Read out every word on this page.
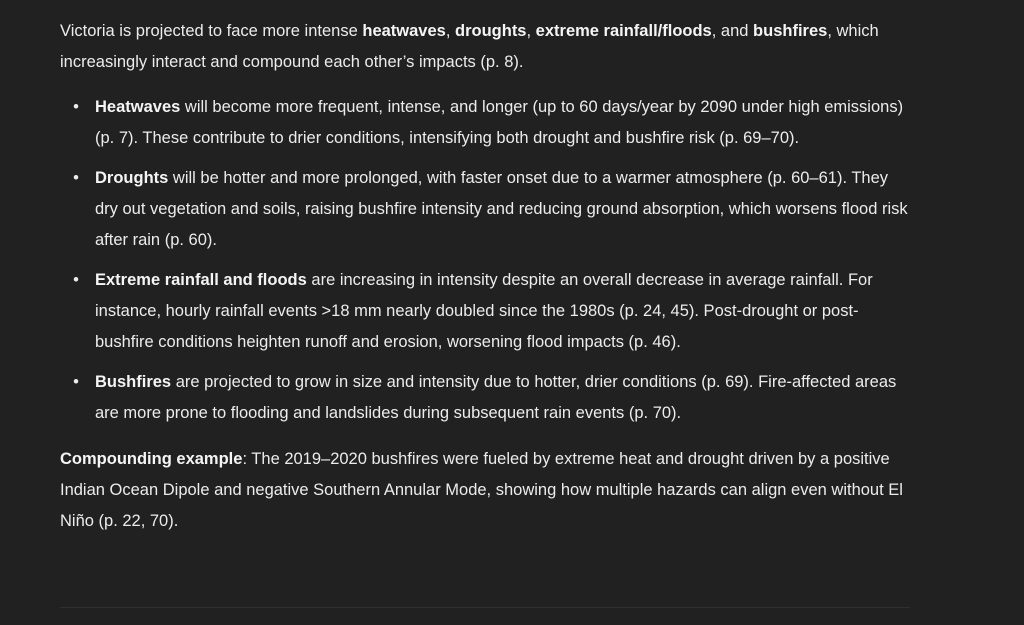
Victoria is projected to face more intense heatwaves, droughts, extreme rainfall/floods, and bushfires, which increasingly interact and compound each other’s impacts (p. 8).

•
Heatwaves will become more frequent, intense, and longer (up to 60 days/year by 2090 under high emissions) (p. 7). These contribute to drier conditions, intensifying both drought and bushfire risk (p. 69–70).
•
Droughts will be hotter and more prolonged, with faster onset due to a warmer atmosphere (p. 60–61). They dry out vegetation and soils, raising bushfire intensity and reducing ground absorption, which worsens flood risk after rain (p. 60).
•
Extreme rainfall and floods are increasing in intensity despite an overall decrease in average rainfall. For instance, hourly rainfall events >18 mm nearly doubled since the 1980s (p. 24, 45). Post-drought or post-bushfire conditions heighten runoff and erosion, worsening flood impacts (p. 46).
•
Bushfires are projected to grow in size and intensity due to hotter, drier conditions (p. 69). Fire-affected areas are more prone to flooding and landslides during subsequent rain events (p. 70).

Compounding example: The 2019–2020 bushfires were fueled by extreme heat and drought driven by a positive Indian Ocean Dipole and negative Southern Annular Mode, showing how multiple hazards can align even without El Niño (p. 22, 70).
